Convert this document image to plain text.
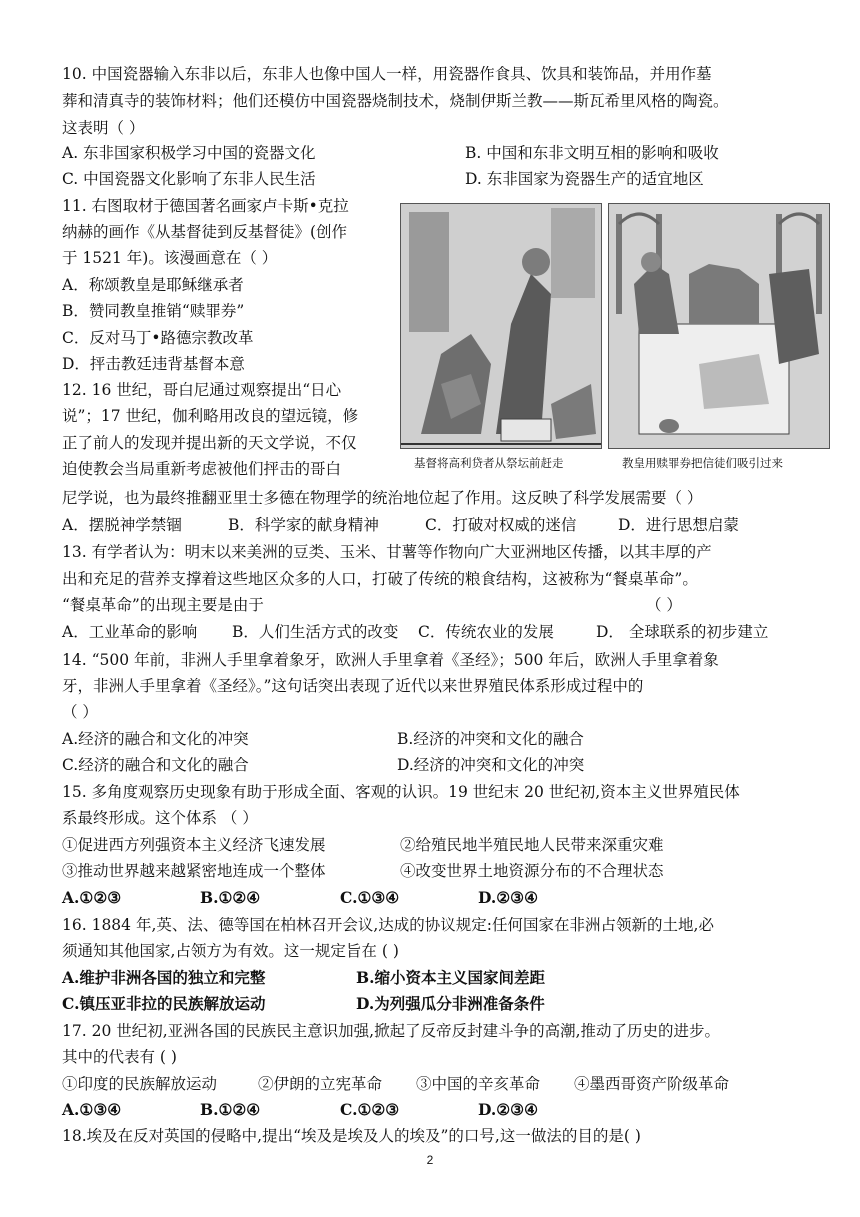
10. 中国瓷器输入东非以后，东非人也像中国人一样，用瓷器作食具、饮具和装饰品，并用作墓
葬和清真寺的装饰材料；他们还模仿中国瓷器烧制技术，烧制伊斯兰教——斯瓦希里风格的陶瓷。
这表明（ ）
A. 东非国家积极学习中国的瓷器文化	B. 中国和东非文明互相的影响和吸收
C. 中国瓷器文化影响了东非人民生活	D. 东非国家为瓷器生产的适宜地区
11. 右图取材于德国著名画家卢卡斯•克拉
纳赫的画作《从基督徒到反基督徒》(创作
于 1521 年)。该漫画意在（ ）
A．称颂教皇是耶稣继承者
B．赞同教皇推销“赎罪券”
C．反对马丁•路德宗教改革
D．抨击教廷违背基督本意
基督将高利贷者从祭坛前赶走	教皇用赎罪券把信徒们吸引过来
12. 16 世纪，哥白尼通过观察提出“日心
说”；17 世纪，伽利略用改良的望远镜，修
正了前人的发现并提出新的天文学说，不仅
迫使教会当局重新考虑被他们抨击的哥白
尼学说，也为最终推翻亚里士多德在物理学的统治地位起了作用。这反映了科学发展需要（ ）
A．摆脱神学禁锢	B．科学家的献身精神	C．打破对权威的迷信	D．进行思想启蒙
13. 有学者认为：明末以来美洲的豆类、玉米、甘薯等作物向广大亚洲地区传播，以其丰厚的产
出和充足的营养支撑着这些地区众多的人口，打破了传统的粮食结构，这被称为“餐桌革命”。
“餐桌革命”的出现主要是由于	（ ）
A．工业革命的影响 B．人们生活方式的改变 C．传统农业的发展	D． 全球联系的初步建立
14. “500 年前，非洲人手里拿着象牙，欧洲人手里拿着《圣经》；500 年后，欧洲人手里拿着象
牙，非洲人手里拿着《圣经》。”这句话突出表现了近代以来世界殖民体系形成过程中的
（ ）
A.经济的融合和文化的冲突	B.经济的冲突和文化的融合
C.经济的融合和文化的融合	D.经济的冲突和文化的冲突
15. 多角度观察历史现象有助于形成全面、客观的认识。19 世纪末 20 世纪初,资本主义世界殖民体
系最终形成。这个体系 （ ）
①促进西方列强资本主义经济飞速发展	②给殖民地半殖民地人民带来深重灾难
③推动世界越来越紧密地连成一个整体	④改变世界土地资源分布的不合理状态
A.①②③	B.①②④	C.①③④	D.②③④
16. 1884 年,英、法、德等国在柏林召开会议,达成的协议规定:任何国家在非洲占领新的土地,必
须通知其他国家,占领方为有效。这一规定旨在 ( )
A.维护非洲各国的独立和完整	B.缩小资本主义国家间差距
C.镇压亚非拉的民族解放运动	D.为列强瓜分非洲准备条件
17. 20 世纪初,亚洲各国的民族民主意识加强,掀起了反帝反封建斗争的高潮,推动了历史的进步。
其中的代表有 ( )
①印度的民族解放运动	②伊朗的立宪革命 ③中国的辛亥革命 ④墨西哥资产阶级革命
A.①③④	B.①②④	C.①②③	D.②③④
18.埃及在反对英国的侵略中,提出“埃及是埃及人的埃及”的口号,这一做法的目的是( )
2
